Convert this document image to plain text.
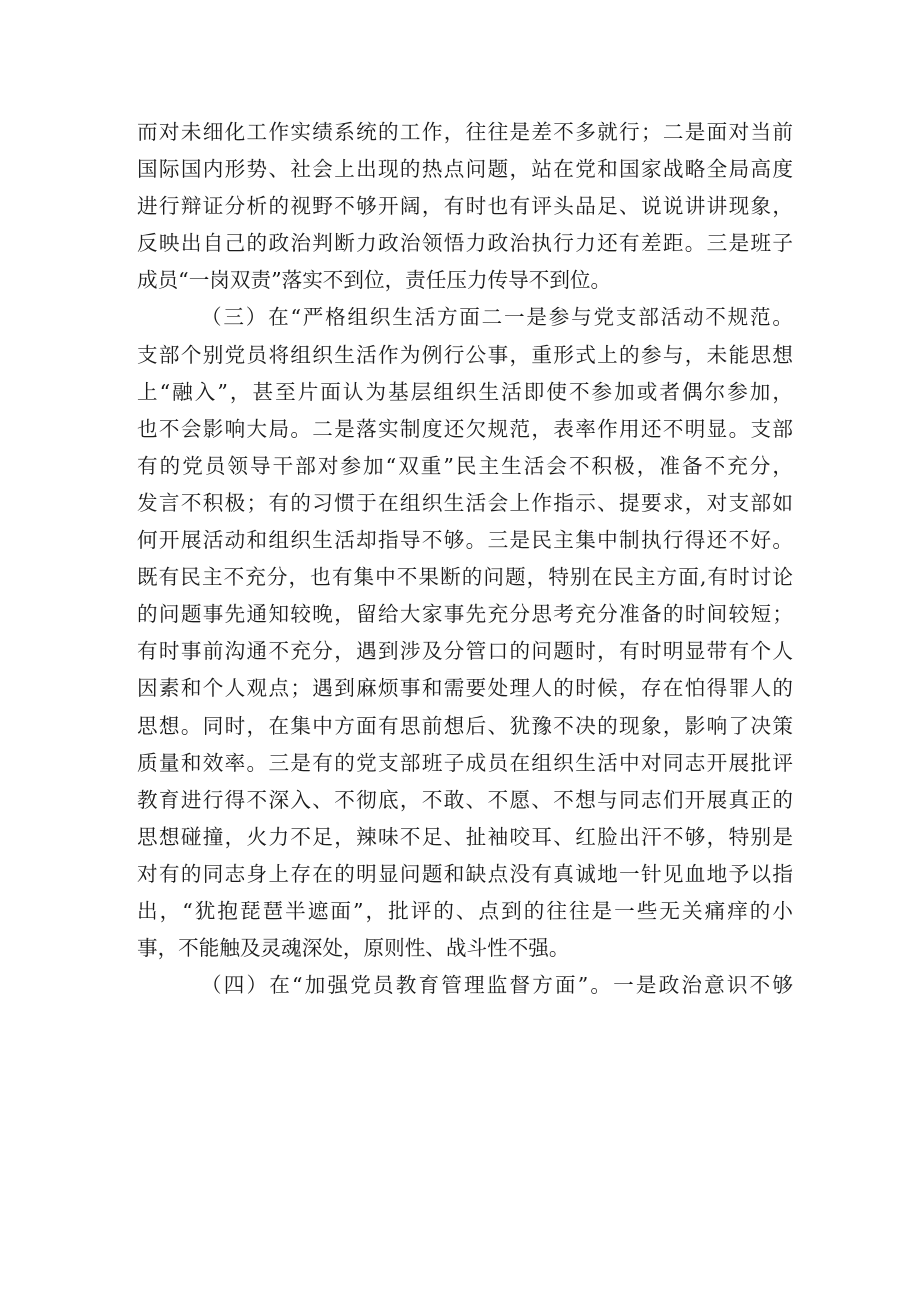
而对未细化工作实绩系统的工作，往往是差不多就行；二是面对当前
国际国内形势、社会上出现的热点问题，站在党和国家战略全局高度
进行辩证分析的视野不够开阔，有时也有评头品足、说说讲讲现象，
反映出自己的政治判断力政治领悟力政治执行力还有差距。三是班子
成员“一岗双责”落实不到位，责任压力传导不到位。
（三）在“严格组织生活方面二一是参与党支部活动不规范。
支部个别党员将组织生活作为例行公事，重形式上的参与，未能思想
上“融入”，甚至片面认为基层组织生活即使不参加或者偶尔参加，
也不会影响大局。二是落实制度还欠规范，表率作用还不明显。支部
有的党员领导干部对参加“双重”民主生活会不积极，准备不充分，
发言不积极；有的习惯于在组织生活会上作指示、提要求，对支部如
何开展活动和组织生活却指导不够。三是民主集中制执行得还不好。
既有民主不充分，也有集中不果断的问题，特别在民主方面,有时讨论
的问题事先通知较晚，留给大家事先充分思考充分准备的时间较短；
有时事前沟通不充分，遇到涉及分管口的问题时，有时明显带有个人
因素和个人观点；遇到麻烦事和需要处理人的时候，存在怕得罪人的
思想。同时，在集中方面有思前想后、犹豫不决的现象，影响了决策
质量和效率。三是有的党支部班子成员在组织生活中对同志开展批评
教育进行得不深入、不彻底，不敢、不愿、不想与同志们开展真正的
思想碰撞，火力不足，辣味不足、扯袖咬耳、红脸出汗不够，特别是
对有的同志身上存在的明显问题和缺点没有真诚地一针见血地予以指
出，“犹抱琵琶半遮面”，批评的、点到的往往是一些无关痛痒的小
事，不能触及灵魂深处，原则性、战斗性不强。
（四）在“加强党员教育管理监督方面”。一是政治意识不够
